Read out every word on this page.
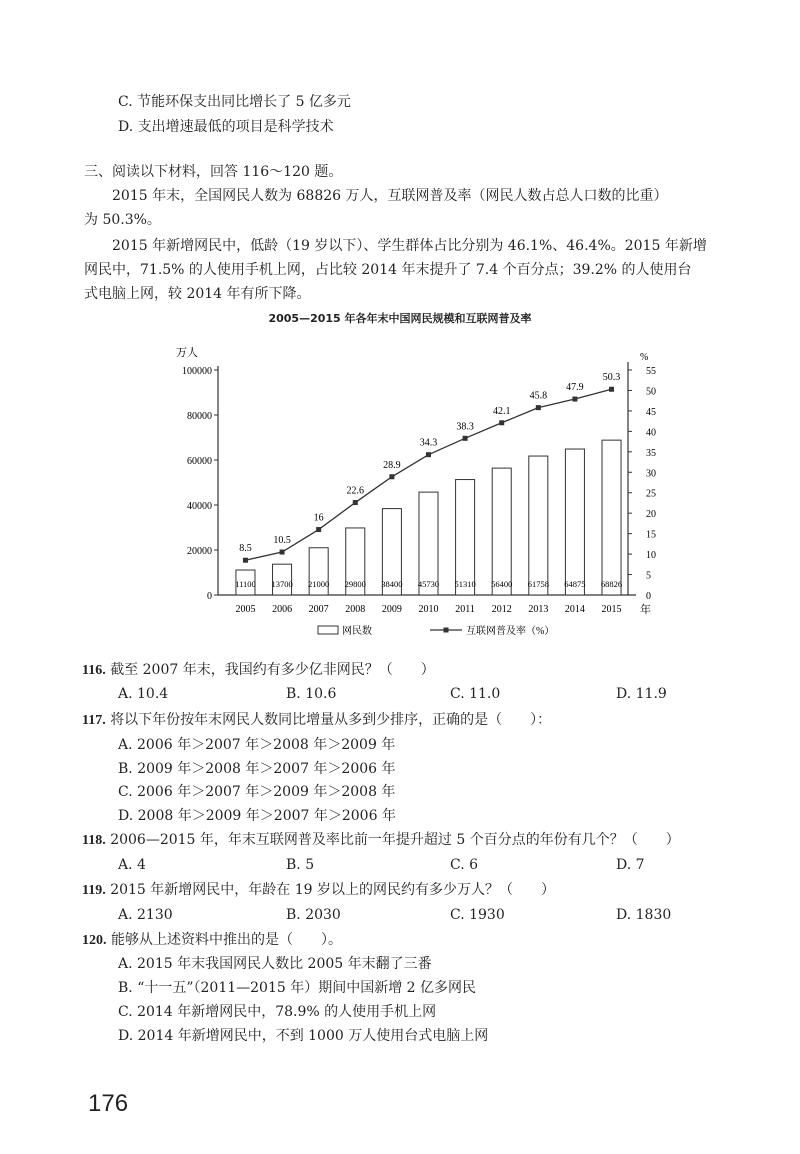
C. 节能环保支出同比增长了 5 亿多元
D. 支出增速最低的项目是科学技术
三、阅读以下材料，回答 116～120 题。
2015 年末，全国网民人数为 68826 万人，互联网普及率（网民人数占总人口数的比重）
为 50.3%。
2015 年新增网民中，低龄（19 岁以下）、学生群体占比分别为 46.1%、46.4%。2015 年新增
网民中，71.5% 的人使用手机上网，占比较 2014 年末提升了 7.4 个百分点；39.2% 的人使用台
式电脑上网，较 2014 年有所下降。
2005—2015 年各年末中国网民规模和互联网普及率
万人	%
年
0
20000
40000
60000
80000
100000
0
5
10
15
20
25
30
35
40
45
50
55
11100 13700 21000 29800 38400 45730 51310 56400 61758 64875 68826
2005 2006 2007 2008 2009 2010 2011 2012 2013 2014 2015
8.5
10.5
16
22.6
28.9
34.3
38.3
42.1
45.8
47.9
50.3
网民数	互联网普及率（%）
116. 截至 2007 年末，我国约有多少亿非网民？（　　）
A. 10.4	B. 10.6	C. 11.0	D. 11.9
117. 将以下年份按年末网民人数同比增量从多到少排序，正确的是（　　）：
A. 2006 年＞2007 年＞2008 年＞2009 年
B. 2009 年＞2008 年＞2007 年＞2006 年
C. 2006 年＞2007 年＞2009 年＞2008 年
D. 2008 年＞2009 年＞2007 年＞2006 年
118. 2006—2015 年，年末互联网普及率比前一年提升超过 5 个百分点的年份有几个？（　　）
A. 4	B. 5	C. 6	D. 7
119. 2015 年新增网民中，年龄在 19 岁以上的网民约有多少万人？（　　）
A. 2130	B. 2030	C. 1930	D. 1830
120. 能够从上述资料中推出的是（　　）。
A. 2015 年末我国网民人数比 2005 年末翻了三番
B. “十一五”（2011—2015 年）期间中国新增 2 亿多网民
C. 2014 年新增网民中，78.9% 的人使用手机上网
D. 2014 年新增网民中，不到 1000 万人使用台式电脑上网
176
